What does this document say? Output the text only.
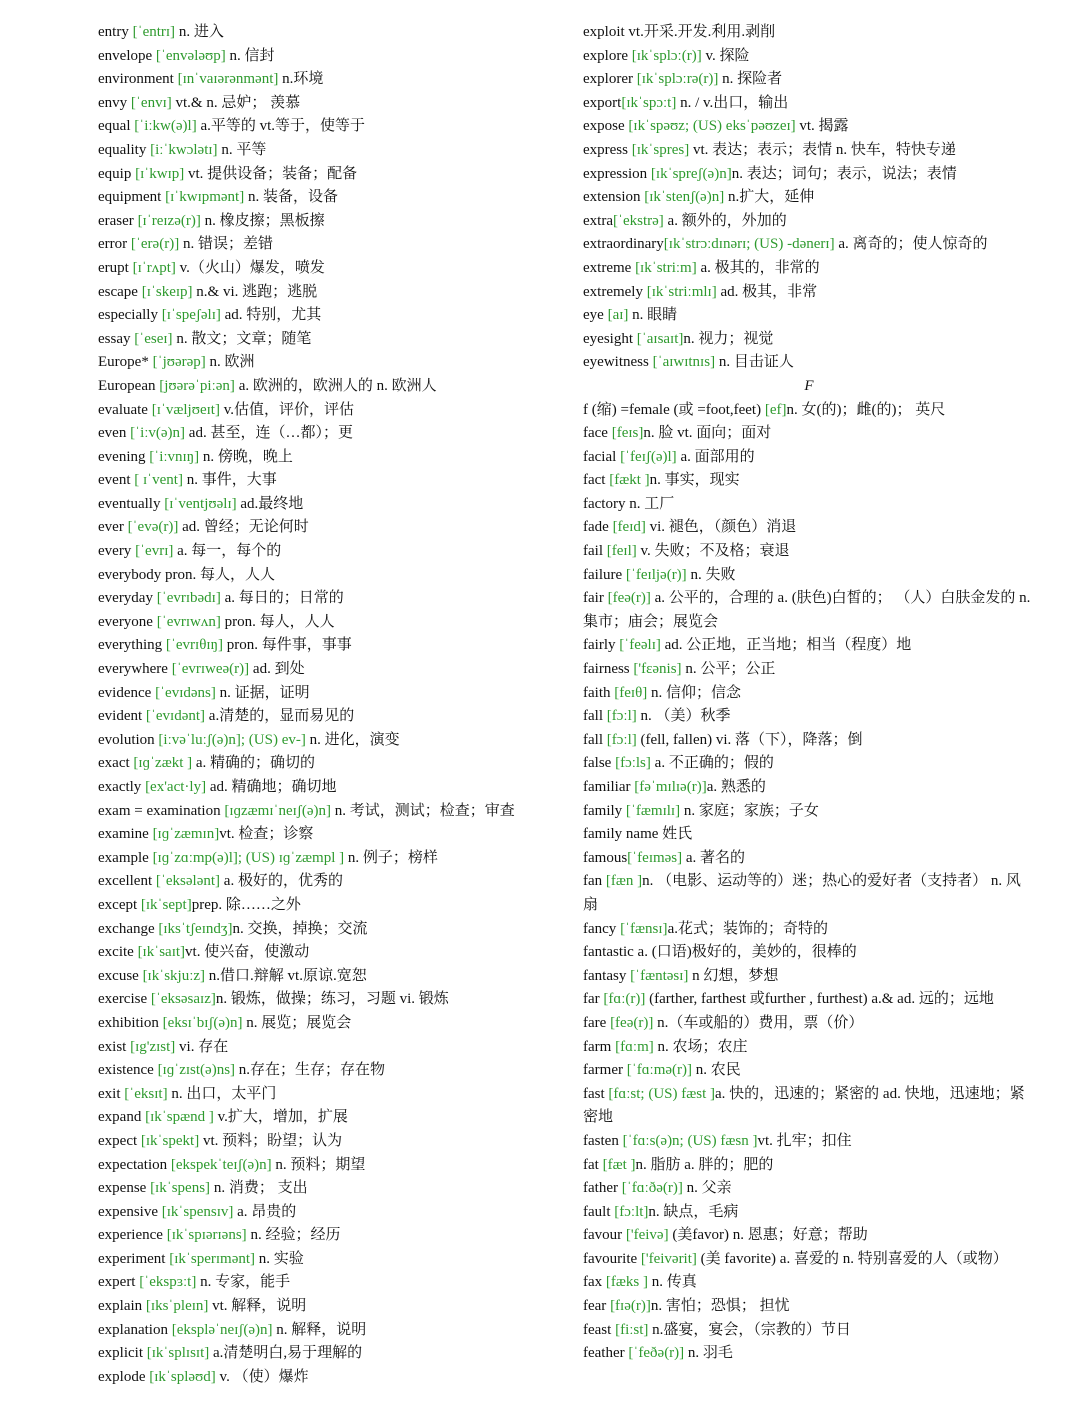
entry [ˈentrɪ] n. 进入
envelope [ˈenvələʊp] n. 信封
environment [ɪnˈvaɪərənmənt] n.环境
envy [ˈenvɪ] vt.& n. 忌妒； 羡慕
equal [ˈiːkw(ə)l] a.平等的 vt.等于，使等于
equality [iːˈkwɔlətɪ] n. 平等
equip [ɪˈkwɪp] vt. 提供设备；装备；配备
equipment [ɪˈkwɪpmənt] n. 装备，设备
eraser [ɪˈreɪzə(r)] n. 橡皮擦；黑板擦
error [ˈerə(r)] n. 错误；差错
erupt [ɪˈrʌpt] v.（火山）爆发，喷发
escape [ɪˈskeɪp] n.& vi. 逃跑；逃脱
especially [ɪˈspeʃəlɪ] ad. 特别，尤其
essay [ˈeseɪ] n. 散文；文章；随笔
Europe* [ˈjʊərəp] n. 欧洲
European [jʊərəˈpiːən] a. 欧洲的，欧洲人的 n. 欧洲人
evaluate [ɪˈvæljʊeɪt] v.估值，评价，评估
even [ˈiːv(ə)n] ad. 甚至，连（…都）；更
evening [ˈiːvnɪŋ] n. 傍晚，晚上
event [ ɪˈvent] n. 事件，大事
eventually [ɪˈventjʊəlɪ] ad.最终地
ever [ˈevə(r)] ad. 曾经；无论何时
every [ˈevrɪ] a. 每一，每个的
everybody pron. 每人，人人
everyday [ˈevrɪbədɪ] a. 每日的；日常的
everyone [ˈevrɪwʌn] pron. 每人，人人
everything [ˈevrɪθɪŋ] pron. 每件事，事事
everywhere [ˈevrɪweə(r)] ad. 到处
evidence [ˈevɪdəns] n. 证据，证明
evident [ˈevɪdənt] a.清楚的，显而易见的
evolution [iːvəˈluːʃ(ə)n]; (US) ev-] n. 进化，演变
exact [ɪɡˈzækt ] a. 精确的；确切的
exactly [ex'act·ly] ad. 精确地；确切地
exam = examination [ɪɡzæmɪˈneɪʃ(ə)n] n. 考试，测试；检查；审查
examine [ɪɡˈzæmɪn]vt. 检查；诊察
example [ɪɡˈzɑːmp(ə)l]; (US) ɪɡˈzæmpl ] n. 例子；榜样
excellent [ˈeksələnt] a. 极好的，优秀的
except [ɪkˈsept]prep. 除……之外
exchange [ɪksˈtʃeɪndʒ]n. 交换，掉换；交流
excite [ɪkˈsaɪt]vt. 使兴奋，使激动
excuse [ɪkˈskjuːz] n.借口.辩解 vt.原谅.宽恕
exercise [ˈeksəsaɪz]n. 锻炼，做操；练习，习题 vi. 锻炼
exhibition [eksɪˈbɪʃ(ə)n] n. 展览；展览会
exist [ɪg'zɪst] vi. 存在
existence [ɪɡˈzɪst(ə)ns] n.存在；生存；存在物
exit [ˈeksɪt] n. 出口，太平门
expand [ɪkˈspænd ] v.扩大，增加，扩展
expect [ɪkˈspekt] vt. 预料；盼望；认为
expectation [ekspekˈteɪʃ(ə)n] n. 预料；期望
expense [ɪkˈspens] n. 消费； 支出
expensive [ɪkˈspensɪv] a. 昂贵的
experience [ɪkˈspɪərɪəns] n. 经验；经历
experiment [ɪkˈsperɪmənt] n. 实验
expert [ˈekspɜːt] n. 专家，能手
explain [ɪksˈpleɪn] vt. 解释，说明
explanation [ekspləˈneɪʃ(ə)n] n. 解释，说明
explicit [ɪkˈsplɪsɪt] a.清楚明白,易于理解的
explode [ɪkˈspləʊd] v. （使）爆炸
exploit vt.开采.开发.利用.剥削
explore [ɪkˈsplɔː(r)] v. 探险
explorer [ɪkˈsplɔːrə(r)] n. 探险者
export[ɪkˈspɔːt] n. / v.出口，输出
expose [ɪkˈspəʊz; (US) eksˈpəʊzeɪ] vt. 揭露
express [ɪkˈspres] vt. 表达；表示；表情 n. 快车，特快专递
expression [ɪkˈspreʃ(ə)n]n. 表达；词句；表示，说法；表情
extension [ɪkˈstenʃ(ə)n] n.扩大，延伸
extra[ˈekstrə] a. 额外的，外加的
extraordinary[ɪkˈstrɔːdɪnərɪ; (US) -dənerɪ] a. 离奇的；使人惊奇的
extreme [ɪkˈstriːm] a. 极其的，非常的
extremely [ɪkˈstriːmlɪ] ad. 极其，非常
eye [aɪ] n. 眼睛
eyesight [ˈaɪsaɪt]n. 视力；视觉
eyewitness [ˈaɪwɪtnɪs] n. 目击证人
F
f (缩) =female (或 =foot,feet) [ef]n. 女(的)；雌(的)； 英尺
face [feɪs]n. 脸 vt. 面向；面对
facial [ˈfeɪʃ(ə)l] a. 面部用的
fact [fækt ]n. 事实，现实
factory n. 工厂
fade [feɪd] vi. 褪色，（颜色）消退
fail [feɪl] v. 失败；不及格；衰退
failure [ˈfeɪljə(r)] n. 失败
fair [feə(r)] a. 公平的，合理的 a. (肤色)白皙的； （人）白肤金发的 n. 集市；庙会；展览会
fairly [ˈfeəlɪ] ad. 公正地，正当地；相当（程度）地
fairness ['fɛənis] n. 公平；公正
faith [feɪθ] n. 信仰；信念
fall [fɔːl] n. （美）秋季
fall [fɔːl] (fell, fallen) vi. 落（下），降落；倒
false [fɔːls] a. 不正确的；假的
familiar [fəˈmɪlɪə(r)]a. 熟悉的
family [ˈfæmɪlɪ] n. 家庭；家族；子女
family name 姓氏
famous[ˈfeɪməs] a. 著名的
fan [fæn ]n. （电影、运动等的）迷；热心的爱好者（支持者） n. 风扇
fancy [ˈfænsɪ]a.花式；装饰的；奇特的
fantastic a. (口语)极好的，美妙的，很棒的
fantasy [ˈfæntəsɪ] n 幻想，梦想
far [fɑː(r)] (farther, farthest 或further , furthest) a.& ad. 远的；远地
fare [feə(r)] n.（车或船的）费用，票（价）
farm [fɑːm] n. 农场；农庄
farmer [ˈfɑːmə(r)] n. 农民
fast [fɑːst; (US) fæst ]a. 快的，迅速的；紧密的 ad. 快地，迅速地；紧密地
fasten [ˈfɑːs(ə)n; (US) fæsn ]vt. 扎牢；扣住
fat [fæt ]n. 脂肪 a. 胖的；肥的
father [ˈfɑːðə(r)] n. 父亲
fault [fɔːlt]n. 缺点，毛病
favour ['feivə] (美favor) n. 恩惠；好意；帮助
favourite ['feivərit] (美 favorite) a. 喜爱的 n. 特别喜爱的人（或物）
fax [fæks ] n. 传真
fear [fɪə(r)]n. 害怕；恐惧； 担忧
feast [fiːst] n.盛宴，宴会，（宗教的）节日
feather [ˈfeðə(r)] n. 羽毛
